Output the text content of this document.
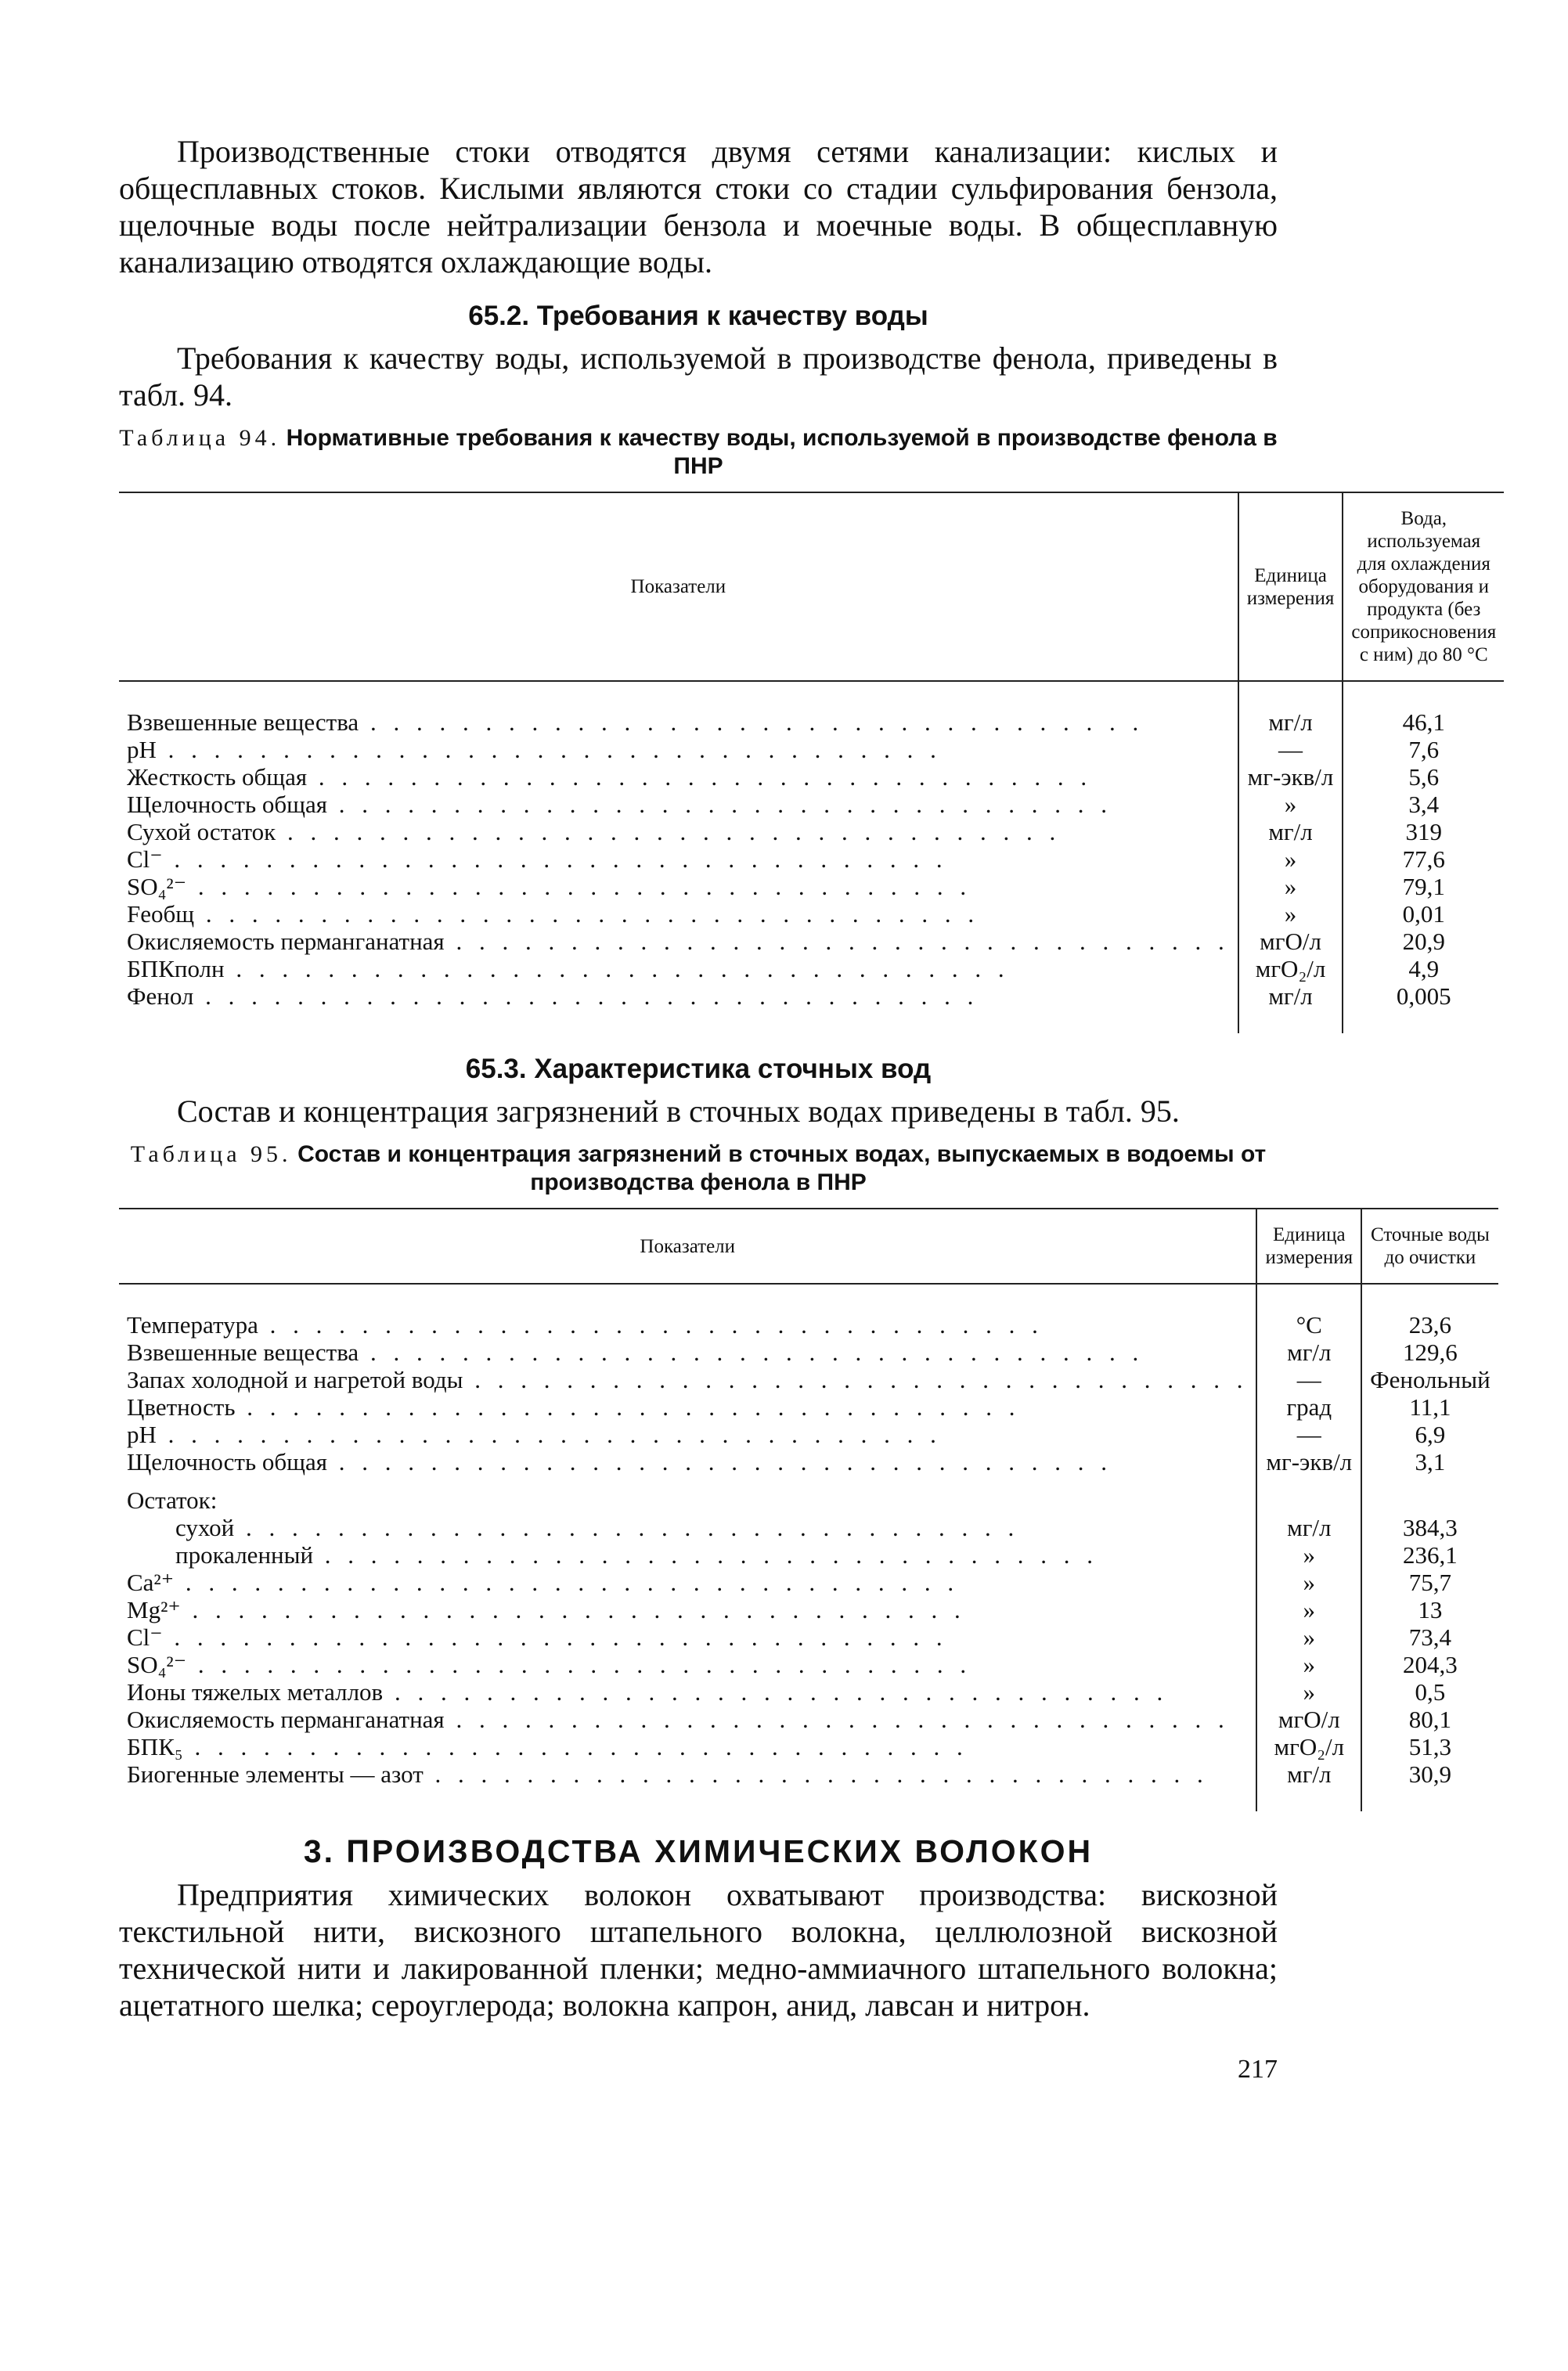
Производственные стоки отводятся двумя сетями канализации: кислых и общесплавных стоков. Кислыми являются стоки со стадии сульфирования бензола, щелочные воды после нейтрализации бензола и моечные воды. В общесплавную канализацию отводятся охлаждающие воды.

65.2. Требования к качеству воды

Требования к качеству воды, используемой в производстве фенола, приведены в табл. 94.

Таблица 94. Нормативные требования к качеству воды, используемой в производстве фенола в ПНР
Показатели	Единица измерения	Вода, используемая для охлаждения оборудования и продукта (без соприкосновения с ним) до 80 °С

Взвешенные вещества . . .	мг/л	46,1
рН . . .	—	7,6
Жесткость общая . . .	мг-экв/л	5,6
Щелочность общая . . .	»	3,4
Сухой остаток . . .	мг/л	319
Cl⁻ . . .	»	77,6
SO₄²⁻ . . .	»	79,1
Feобщ . . .	»	0,01
Окисляемость перманганатная . . .	мгO/л	20,9
БПКполн . . .	мгO₂/л	4,9
Фенол . . .	мг/л	0,005

65.3. Характеристика сточных вод

Состав и концентрация загрязнений в сточных водах приведены в табл. 95.

Таблица 95. Состав и концентрация загрязнений в сточных водах, выпускаемых в водоемы от производства фенола в ПНР
Показатели	Единица измерения	Сточные воды до очистки

Температура . . .	°С	23,6
Взвешенные вещества . . .	мг/л	129,6
Запах холодной и нагретой воды . . .	—	Фенольный
Цветность . . .	град	11,1
рН . . .	—	6,9
Щелочность общая . . .	мг-экв/л	3,1
Остаток:		
сухой . . .	мг/л	384,3
прокаленный . . .	»	236,1
Ca²⁺ . . .	»	75,7
Mg²⁺ . . .	»	13
Cl⁻ . . .	»	73,4
SO₄²⁻ . . .	»	204,3
Ионы тяжелых металлов . . .	»	0,5
Окисляемость перманганатная . . .	мгO/л	80,1
БПК₅ . . .	мгO₂/л	51,3
Биогенные элементы — азот . . .	мг/л	30,9

3. ПРОИЗВОДСТВА ХИМИЧЕСКИХ ВОЛОКОН

Предприятия химических волокон охватывают производства: вискозной текстильной нити, вискозного штапельного волокна, целлюлозной вискозной технической нити и лакированной пленки; медно-аммиачного штапельного волокна; ацетатного шелка; сероуглерода; волокна капрон, анид, лавсан и нитрон.

217
